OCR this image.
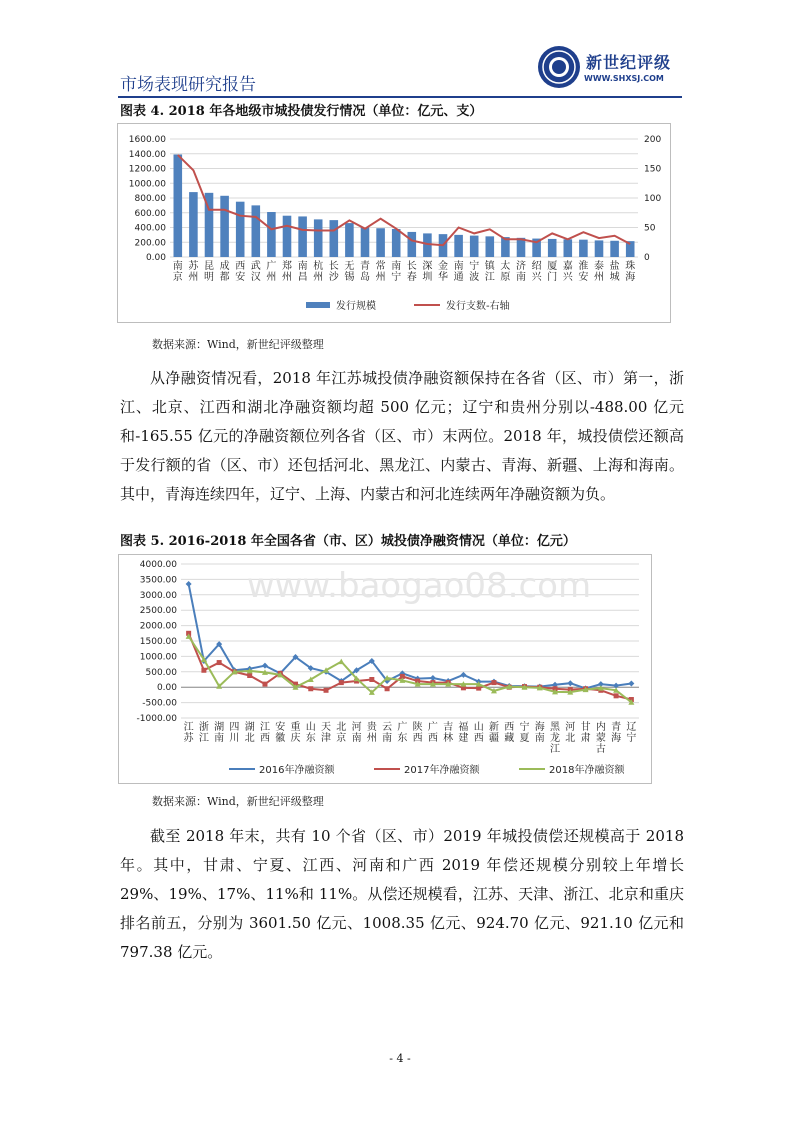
市场表现研究报告
新世纪评级
WWW.SHXSJ.COM
图表 4. 2018 年各地级市城投债发行情况（单位：亿元、支）
0.00
200.00
400.00
600.00
800.00
1000.00
1200.00
1400.00
1600.00
0
50
100
150
200
南
京
苏
州
昆
明
成
都
西
安
武
汉
广
州
郑
州
南
昌
杭
州
长
沙
无
锡
青
岛
常
州
南
宁
长
春
深
圳
金
华
南
通
宁
波
镇
江
太
原
济
南
绍
兴
厦
门
嘉
兴
淮
安
泰
州
盐
城
珠
海
发行规模	发行支数-右轴
数据来源：Wind，新世纪评级整理
从净融资情况看，2018 年江苏城投债净融资额保持在各省（区、市）第一，浙江、北京、江西和湖北净融资额均超 500 亿元；辽宁和贵州分别以-488.00 亿元和-165.55 亿元的净融资额位列各省（区、市）末两位。2018 年，城投债偿还额高于发行额的省（区、市）还包括河北、黑龙江、内蒙古、青海、新疆、上海和海南。其中，青海连续四年，辽宁、上海、内蒙古和河北连续两年净融资额为负。
图表 5. 2016-2018 年全国各省（市、区）城投债净融资情况（单位：亿元）
4000.00
3500.00
3000.00
2500.00
2000.00
1500.00
1000.00
500.00
0.00
-500.00
-1000.00
www.baogao08.com
江
苏
浙
江
湖
南
四
川
湖
北
江
西
安
徽
重
庆
山
东
天
津
北
京
河
南
贵
州
云
南
广
东
陕
西
广
西
吉
林
福
建
山
西
新
疆
西
藏
宁
夏
海
南
黑
龙
江
河
北
甘
肃
内
蒙
古
青
海
辽
宁
2016年净融资额	2017年净融资额	2018年净融资额
数据来源：Wind，新世纪评级整理
截至 2018 年末，共有 10 个省（区、市）2019 年城投债偿还规模高于 2018 年。其中，甘肃、宁夏、江西、河南和广西 2019 年偿还规模分别较上年增长 29%、19%、17%、11%和 11%。从偿还规模看，江苏、天津、浙江、北京和重庆排名前五，分别为 3601.50 亿元、1008.35 亿元、924.70 亿元、921.10 亿元和 797.38 亿元。
- 4 -
